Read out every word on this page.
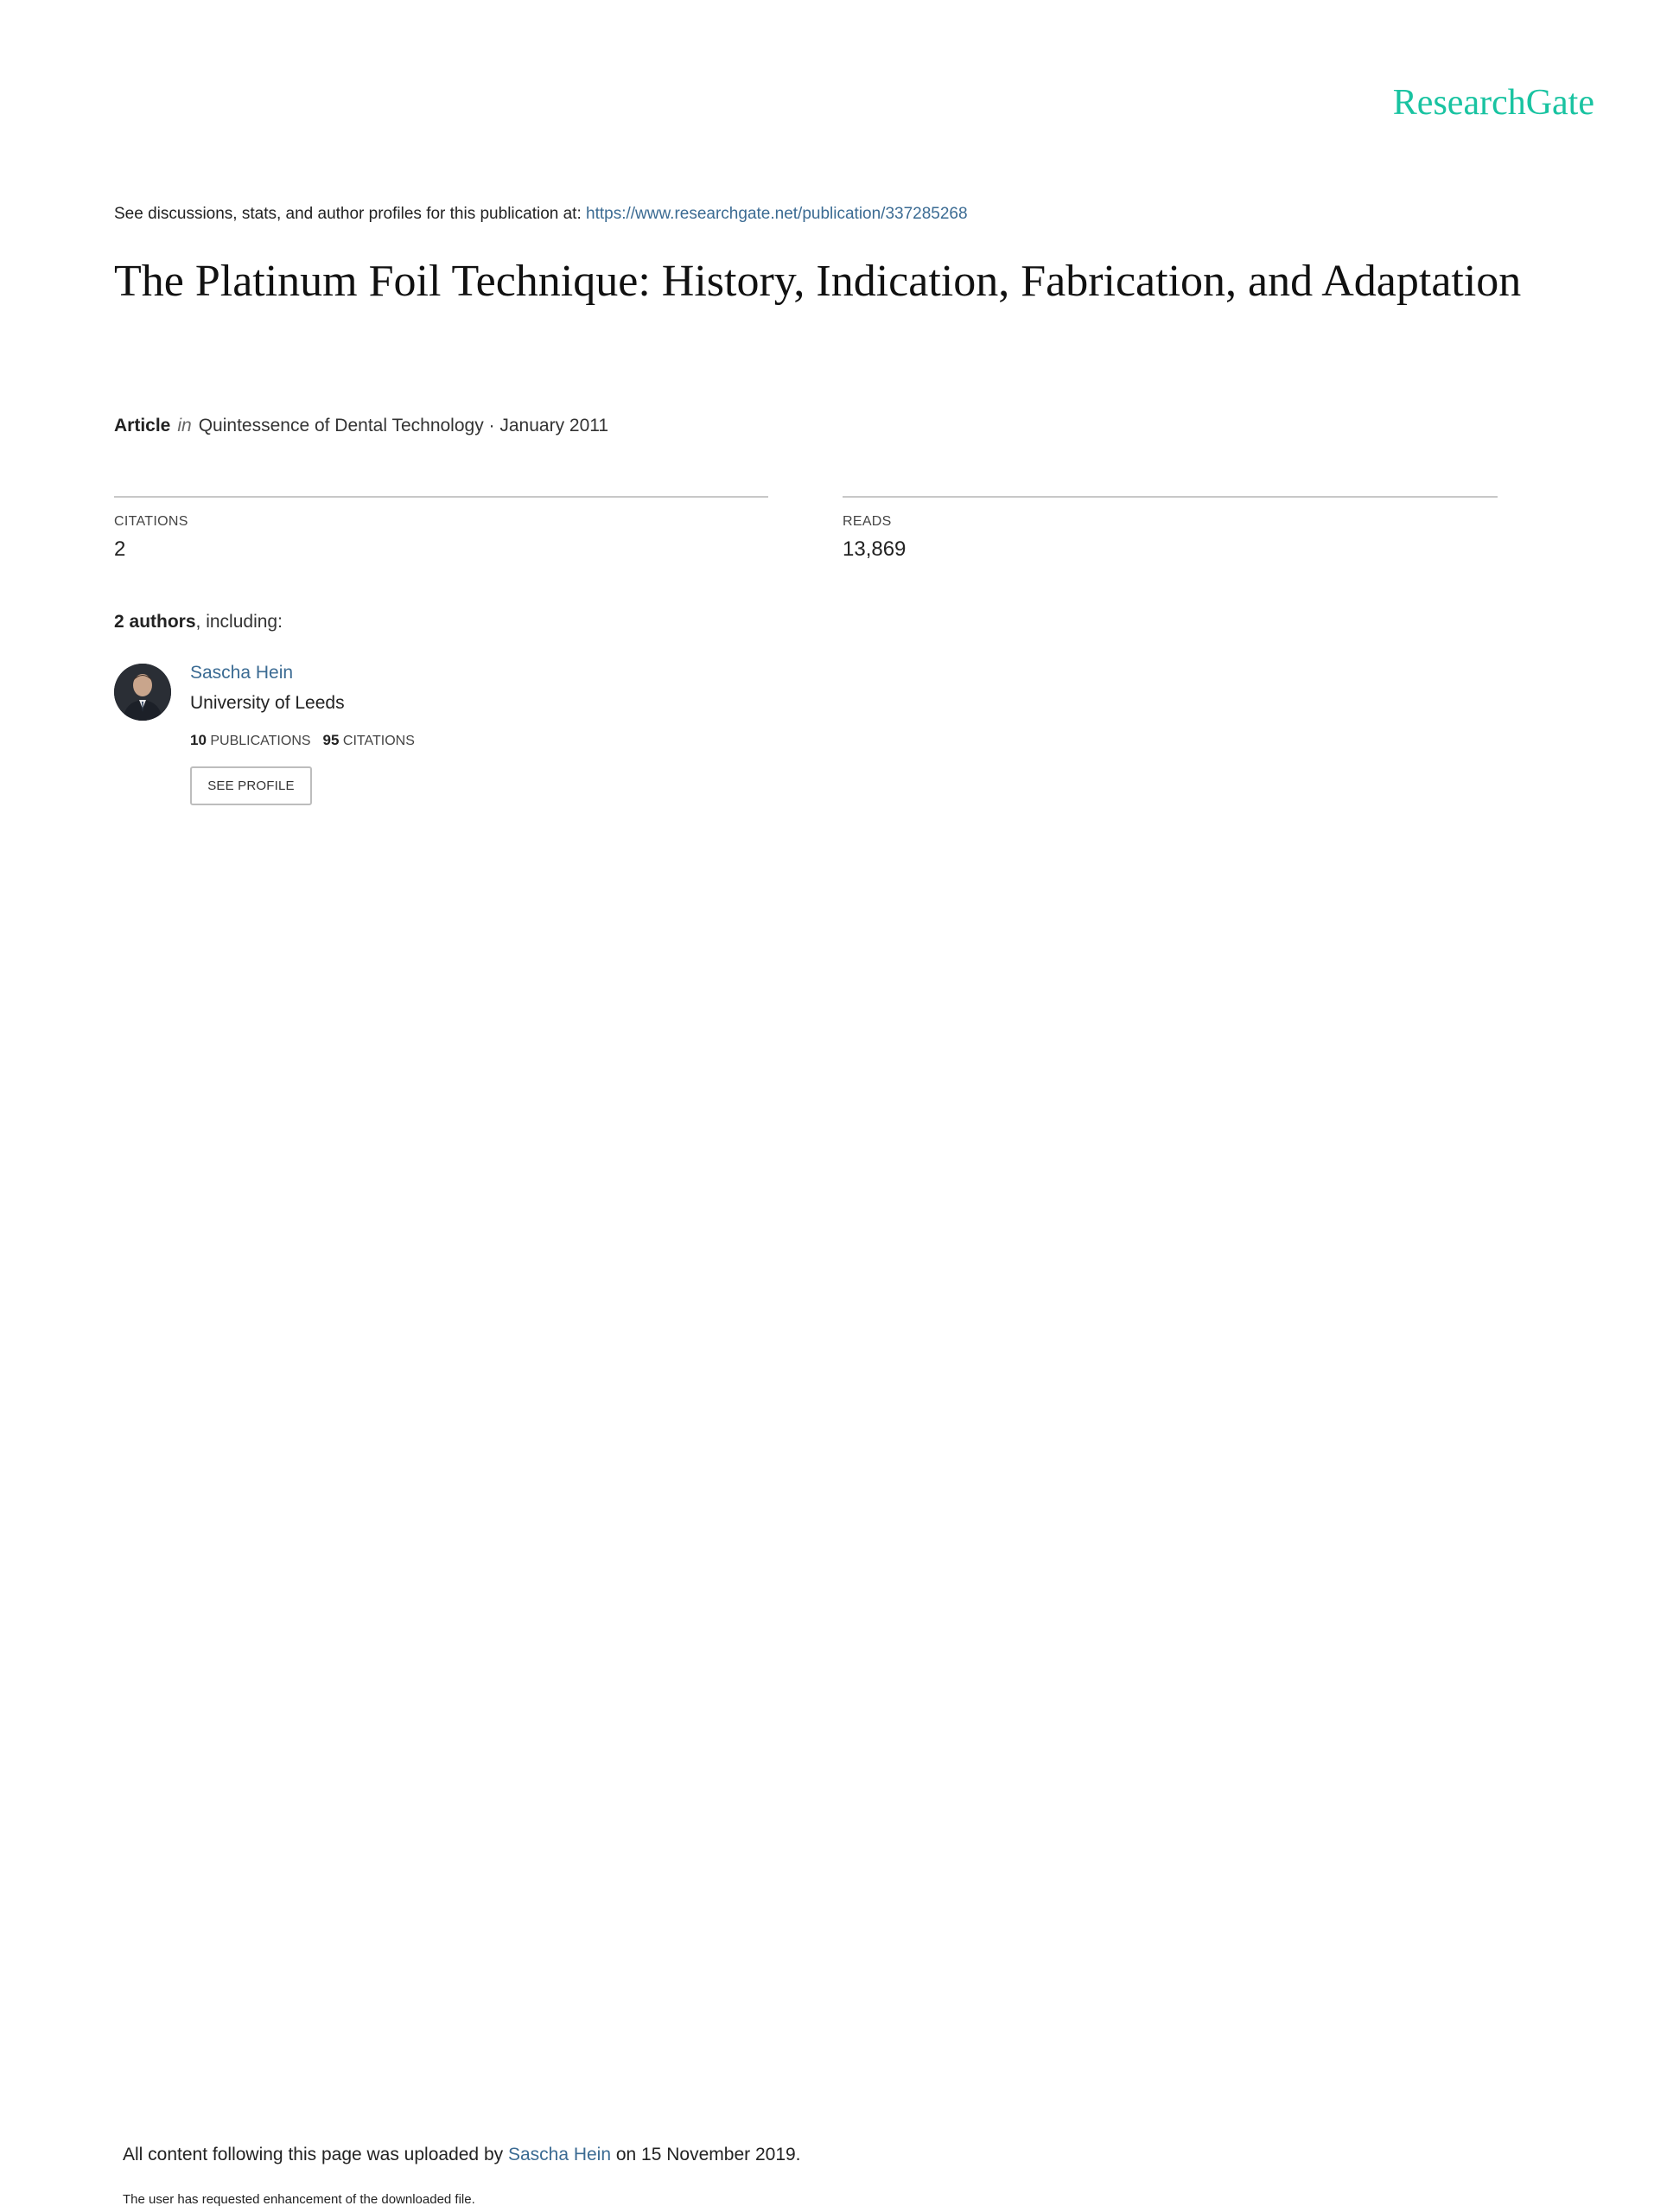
ResearchGate
See discussions, stats, and author profiles for this publication at: https://www.researchgate.net/publication/337285268
The Platinum Foil Technique: History, Indication, Fabrication, and Adaptation
Article in Quintessence of Dental Technology · January 2011
CITATIONS
2
READS
13,869
2 authors, including:
Sascha Hein
University of Leeds
10 PUBLICATIONS 95 CITATIONS
SEE PROFILE
All content following this page was uploaded by Sascha Hein on 15 November 2019.
The user has requested enhancement of the downloaded file.
